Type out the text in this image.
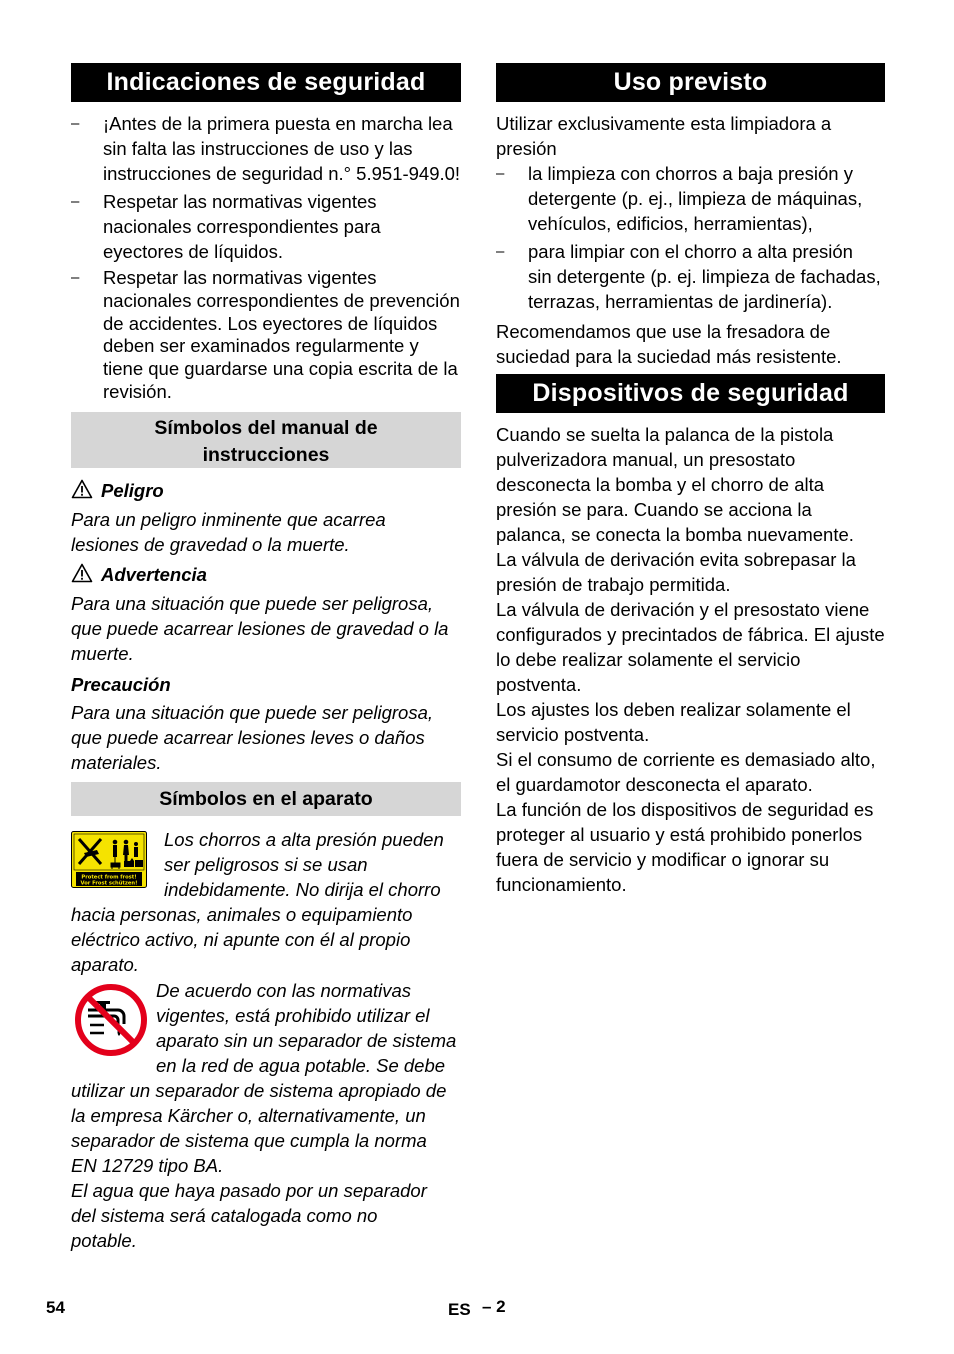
Indicaciones de seguridad
– ¡Antes de la primera puesta en marcha lea sin falta las instrucciones de uso y las instrucciones de seguridad n.° 5.951-949.0!
– Respetar las normativas vigentes nacionales correspondientes para eyectores de líquidos.
– Respetar las normativas vigentes nacionales correspondientes de prevención de accidentes. Los eyectores de líquidos deben ser examinados regularmente y tiene que guardarse una copia escrita de la revisión.
Símbolos del manual de instrucciones
Peligro

Para un peligro inminente que acarrea lesiones de gravedad o la muerte.

Advertencia

Para una situación que puede ser peligrosa, que puede acarrear lesiones de gravedad o la muerte.

Precaución

Para una situación que puede ser peligrosa, que puede acarrear lesiones leves o daños materiales.

Símbolos en el aparato
Protect from frost!
Vor Frost schützen!

Los chorros a alta presión pueden ser peligrosos si se usan indebidamente. No dirija el chorro hacia personas, animales o equipamiento eléctrico activo, ni apunte con él al propio aparato.

De acuerdo con las normativas vigentes, está prohibido utilizar el aparato sin un separador de sistema en la red de agua potable. Se debe utilizar un separador de sistema apropiado de la empresa Kärcher o, alternativamente, un separador de sistema que cumpla la norma EN 12729 tipo BA.

El agua que haya pasado por un separador del sistema será catalogada como no potable.

Uso previsto

Utilizar exclusivamente esta limpiadora a presión

– la limpieza con chorros a baja presión y detergente (p. ej., limpieza de máquinas, vehículos, edificios, herramientas),
– para limpiar con el chorro a alta presión sin detergente (p. ej. limpieza de fachadas, terrazas, herramientas de jardinería).

Recomendamos que use la fresadora de suciedad para la suciedad más resistente.

Dispositivos de seguridad

Cuando se suelta la palanca de la pistola pulverizadora manual, un presostato desconecta la bomba y el chorro de alta presión se para. Cuando se acciona la palanca, se conecta la bomba nuevamente.

La válvula de derivación evita sobrepasar la presión de trabajo permitida.

La válvula de derivación y el presostato viene configurados y precintados de fábrica. El ajuste lo debe realizar solamente el servicio postventa.

Los ajustes los deben realizar solamente el servicio postventa.

Si el consumo de corriente es demasiado alto, el guardamotor desconecta el aparato.

La función de los dispositivos de seguridad es proteger al usuario y está prohibido ponerlos fuera de servicio y modificar o ignorar su funcionamiento.

54	ES – 2
